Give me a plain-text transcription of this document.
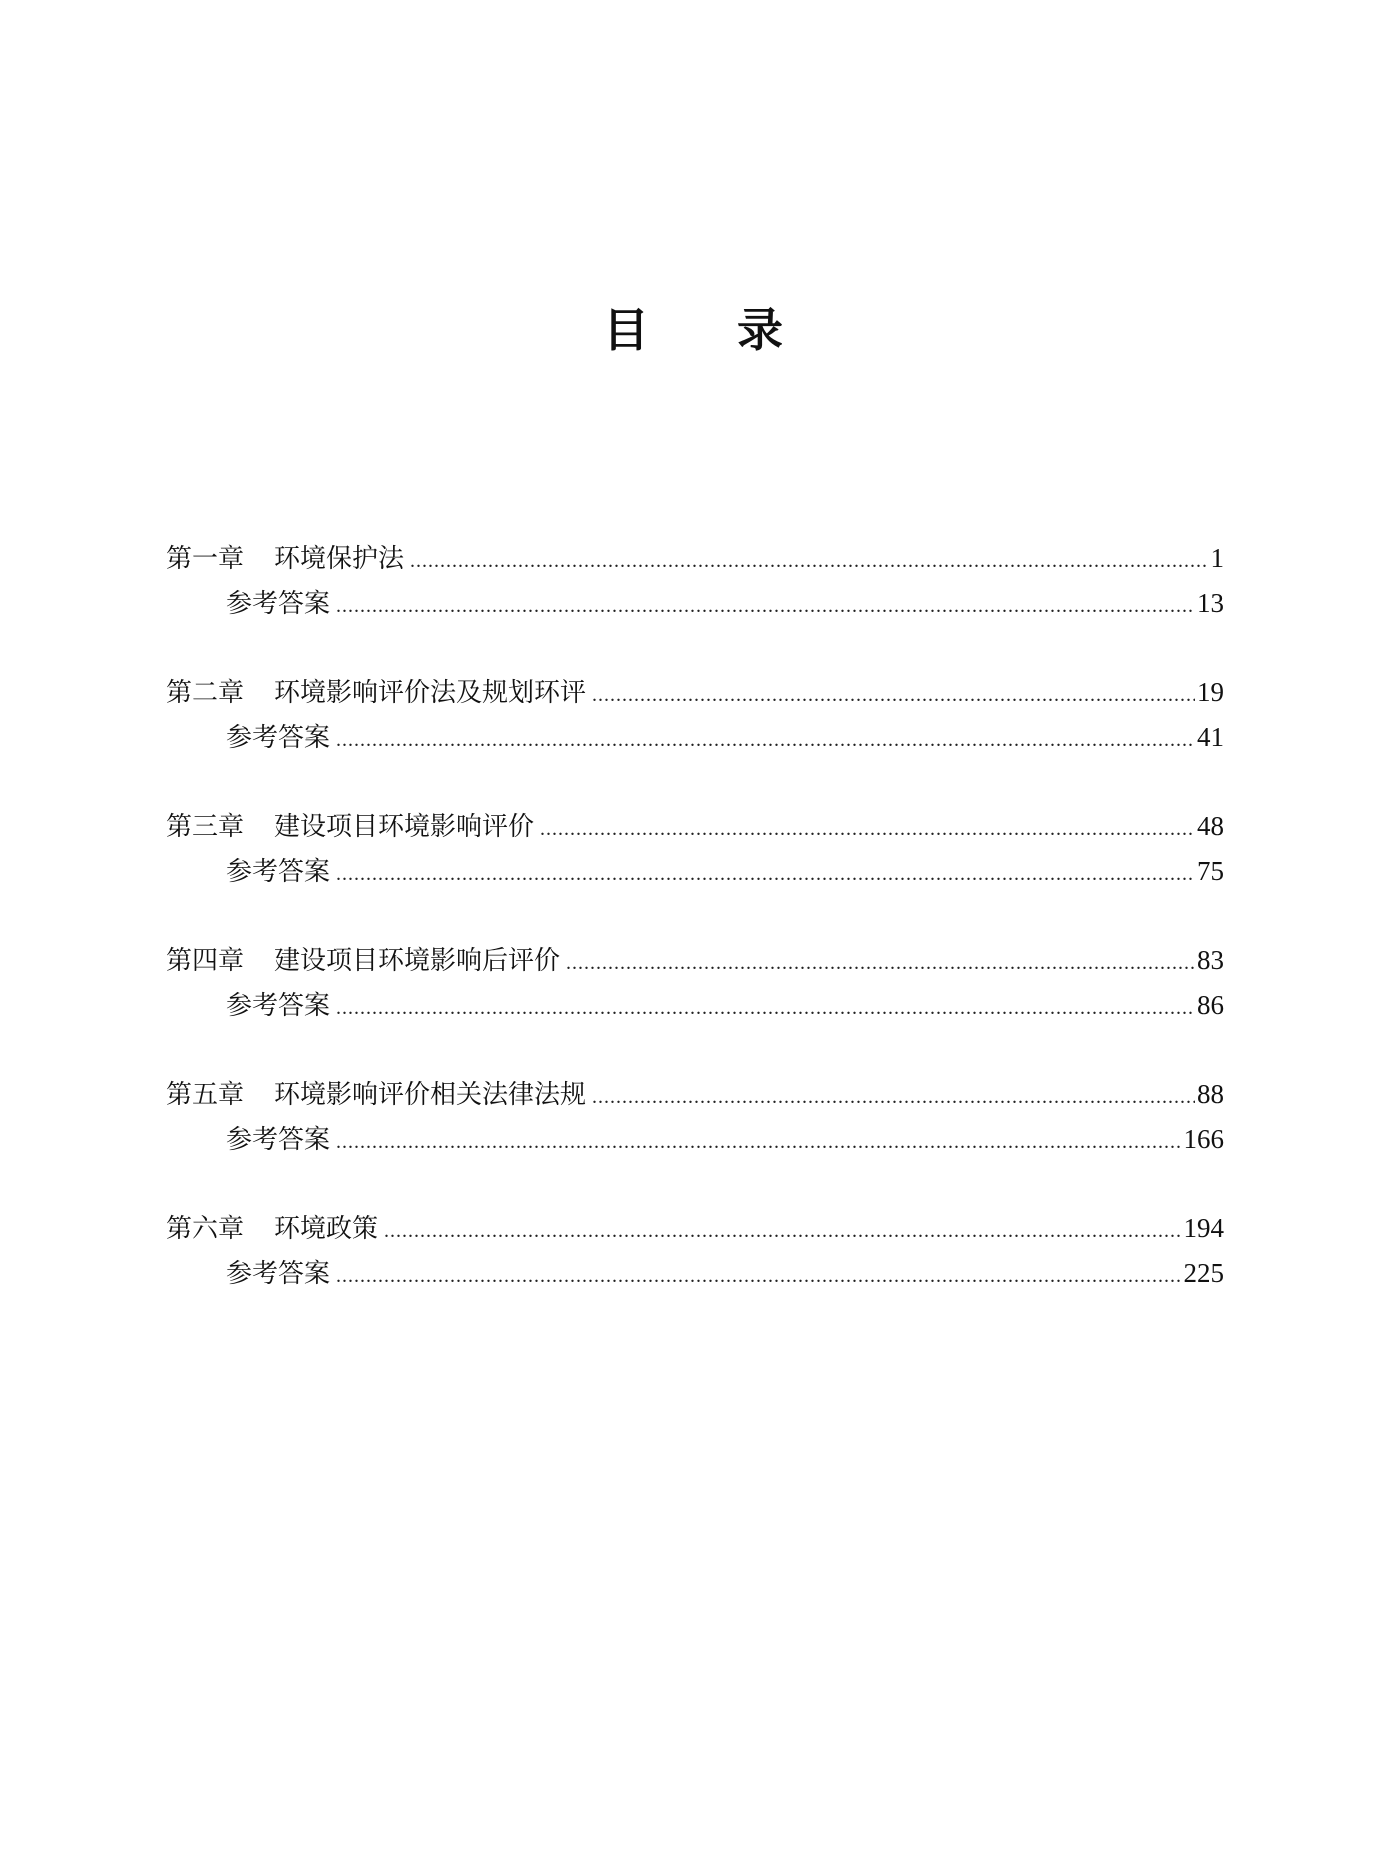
目 录
第一章 环境保护法 .....	1
参考答案 .....	13
第二章 环境影响评价法及规划环评 .....	19
参考答案 .....	41
第三章 建设项目环境影响评价 .....	48
参考答案 .....	75
第四章 建设项目环境影响后评价 .....	83
参考答案 .....	86
第五章 环境影响评价相关法律法规 .....	88
参考答案 .....	166
第六章 环境政策 .....	194
参考答案 .....	225
